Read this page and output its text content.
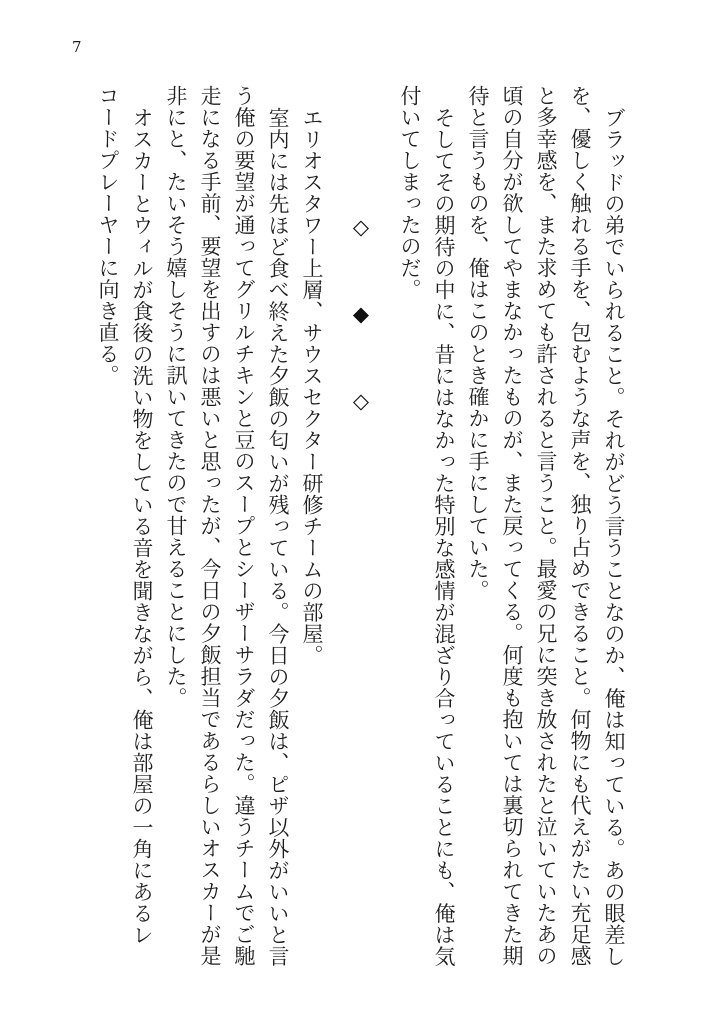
7

ブラッドの弟でいられること。それがどう言うことなのか、俺は知っている。あの眼差しを、優しく触れる手を、包むような声を、独り占めできること。何物にも代えがたい充足感と多幸感を、また求めても許されると言うこと。最愛の兄に突き放されたと泣いていたあの頃の自分が欲してやまなかったものが、また戻ってくる。何度も抱いては裏切られてきた期待と言うものを、俺はこのとき確かに手にしていた。

そしてその期待の中に、昔にはなかった特別な感情が混ざり合っていることにも、俺は気付いてしまったのだ。

◇　◆　◇

エリオスタワー上層、サウスセクター研修チームの部屋。

室内には先ほど食べ終えた夕飯の匂いが残っている。今日の夕飯は、ピザ以外がいいと言う俺の要望が通ってグリルチキンと豆のスープとシーザーサラダだった。違うチームでご馳走になる手前、要望を出すのは悪いと思ったが、今日の夕飯担当であるらしいオスカーが是非にと、たいそう嬉しそうに訊いてきたので甘えることにした。

オスカーとウィルが食後の洗い物をしている音を聞きながら、俺は部屋の一角にあるレコードプレーヤーに向き直る。
